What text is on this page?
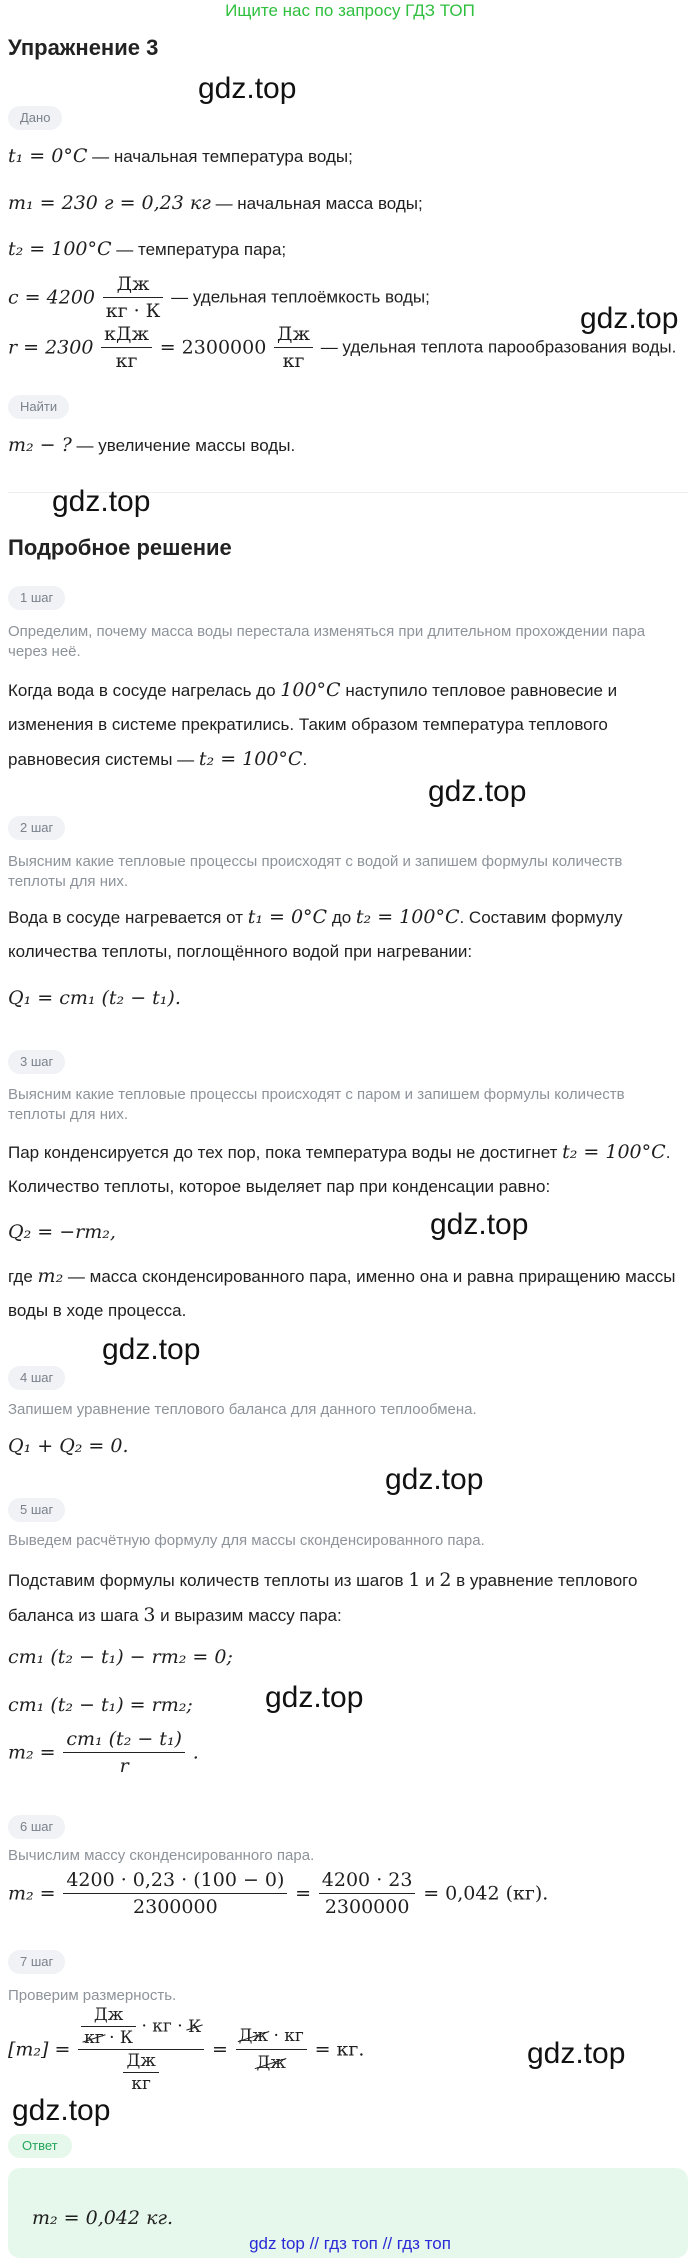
Ищите нас по запросу ГДЗ ТОП
Упражнение 3
gdz.top
Дано
t₁ = 0°C — начальная температура воды;
m₁ = 230 г = 0,23 кг — начальная масса воды;
t₂ = 100°C — температура пара;
$c = 4200 \frac{Дж}{кг \cdot К}$ — удельная теплоёмкость воды;
gdz.top
$r = 2300 \frac{\text{кДж}}{кг} = 2300000 \frac{Дж}{кг}$ — удельная теплота парообразования воды.
Найти
m₂ − ? — увеличение массы воды.
gdz.top
Подробное решение
1 шаг
Определим, почему масса воды перестала изменяться при длительном прохождении пара через неё.
Когда вода в сосуде нагрелась до 100°C наступило тепловое равновесие и изменения в системе прекратились. Таким образом температура теплового равновесия системы — t₂ = 100°C.
gdz.top
2 шаг
Выясним какие тепловые процессы происходят с водой и запишем формулы количеств теплоты для них.
Вода в сосуде нагревается от t₁ = 0°C до t₂ = 100°C. Составим формулу количества теплоты, поглощённого водой при нагревании:
Q₁ = cm₁ (t₂ − t₁).
3 шаг
Выясним какие тепловые процессы происходят с паром и запишем формулы количеств теплоты для них.
Пар конденсируется до тех пор, пока температура воды не достигнет t₂ = 100°C. Количество теплоты, которое выделяет пар при конденсации равно:
Q₂ = −rm₂,	gdz.top
где m₂ — масса сконденсированного пара, именно она и равна приращению массы воды в ходе процесса.
gdz.top
4 шаг
Запишем уравнение теплового баланса для данного теплообмена.
Q₁ + Q₂ = 0.
gdz.top
5 шаг
Выведем расчётную формулу для массы сконденсированного пара.
Подставим формулы количеств теплоты из шагов 1 и 2 в уравнение теплового баланса из шага 3 и выразим массу пара:
cm₁ (t₂ − t₁) − rm₂ = 0;
cm₁ (t₂ − t₁) = rm₂; gdz.top
$m_2 = \frac{\text{cm₁ (t₂ − t₁)}}{r}$ .
6 шаг
Вычислим массу сконденсированного пара.
$m_2 = \frac{4200 \cdot 0,23 \cdot (100 - 0)}{2300000} = \frac{4200 \cdot 23}{2300000} = 0,042$ (кг).
7 шаг
Проверим размерность.
$[m_2] = \frac{\frac{Дж}{кг \cdot К} \cdot кг \cdot К}{\frac{Дж}{кг}} = \frac{Дж \cdot кг}{Дж}$ = кг.	gdz.top
gdz.top
Ответ
m₂ = 0,042 кг.
gdz top // гдз топ // гдз топ
